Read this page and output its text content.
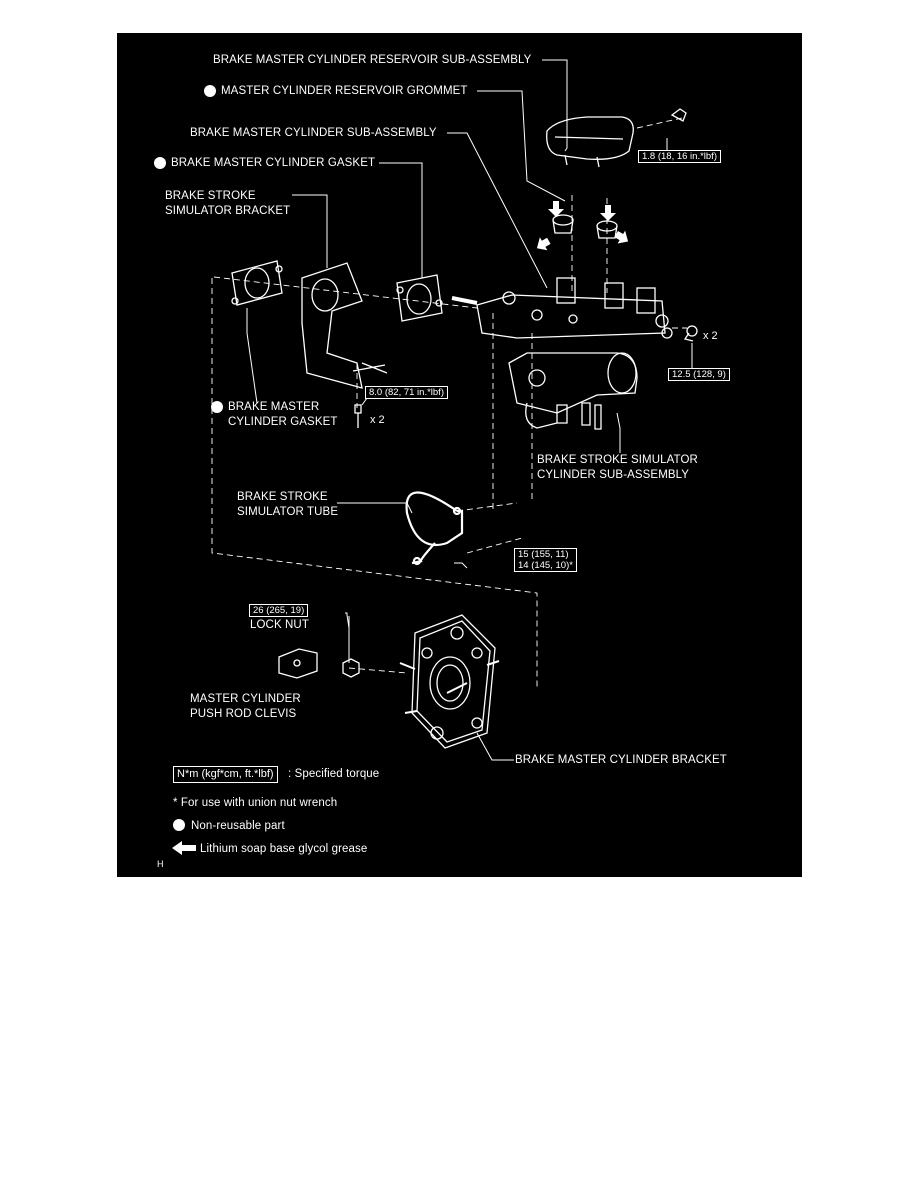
BRAKE MASTER CYLINDER RESERVOIR SUB-ASSEMBLY
MASTER CYLINDER RESERVOIR GROMMET
BRAKE MASTER CYLINDER SUB-ASSEMBLY
BRAKE MASTER CYLINDER GASKET
BRAKE STROKE
SIMULATOR BRACKET
BRAKE MASTER
CYLINDER GASKET
BRAKE STROKE SIMULATOR
CYLINDER SUB-ASSEMBLY
BRAKE STROKE
SIMULATOR TUBE
LOCK NUT
MASTER CYLINDER
PUSH ROD CLEVIS
BRAKE MASTER CYLINDER BRACKET
1.8 (18, 16 in.*lbf)
8.0 (82, 71 in.*lbf)
12.5 (128, 9)
15 (155, 11)
14 (145, 10)*
26 (265, 19)
x 2
x 2
N*m (kgf*cm, ft.*lbf)	: Specified torque
* For use with union nut wrench
Non-reusable part
Lithium soap base glycol grease
H
